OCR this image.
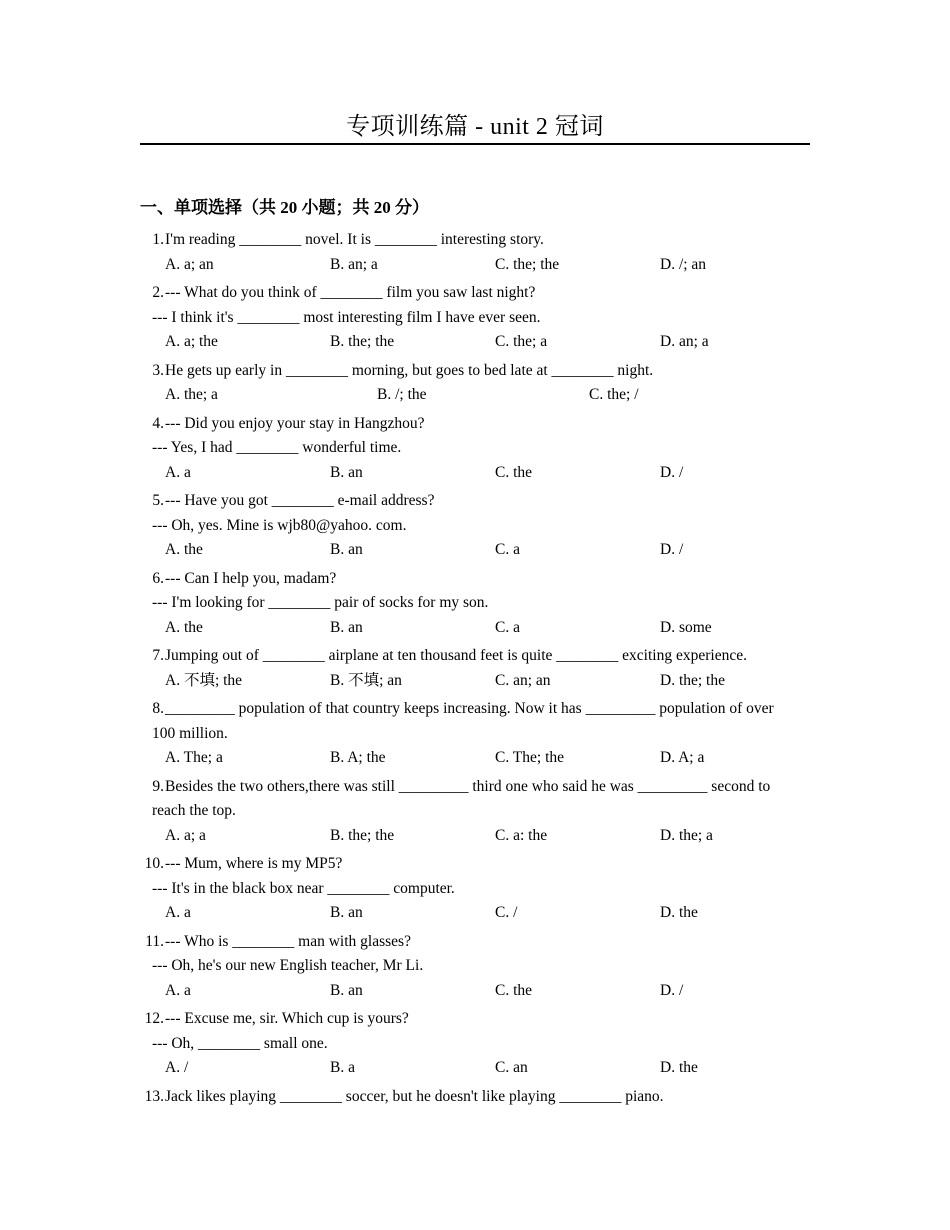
专项训练篇 - unit 2 冠词
一、单项选择（共 20 小题；共 20 分）
1. I'm reading ________ novel. It is ________ interesting story.
A. a; an	B. an; a	C. the; the	D. /; an
2. --- What do you think of ________ film you saw last night?
--- I think it's ________ most interesting film I have ever seen.
A. a; the	B. the; the	C. the; a	D. an; a
3. He gets up early in ________ morning, but goes to bed late at ________ night.
A. the; a	B. /; the	C. the; /
4. --- Did you enjoy your stay in Hangzhou?
--- Yes, I had ________ wonderful time.
A. a	B. an	C. the	D. /
5. --- Have you got ________ e-mail address?
--- Oh, yes. Mine is wjb80@yahoo. com.
A. the	B. an	C. a	D. /
6. --- Can I help you, madam?
--- I'm looking for ________ pair of socks for my son.
A. the	B. an	C. a	D. some
7. Jumping out of ________ airplane at ten thousand feet is quite ________ exciting experience.
A. 不填; the	B. 不填; an	C. an; an	D. the; the
8. _________ population of that country keeps increasing. Now it has _________ population of over
100 million.
A. The; a	B. A; the	C. The; the	D. A; a
9. Besides the two others,there was still _________ third one who said he was _________ second to
reach the top.
A. a; a	B. the; the	C. a: the	D. the; a
10. --- Mum, where is my MP5?
--- It's in the black box near ________ computer.
A. a	B. an	C. /	D. the
11. --- Who is ________ man with glasses?
--- Oh, he's our new English teacher, Mr Li.
A. a	B. an	C. the	D. /
12. --- Excuse me, sir. Which cup is yours?
--- Oh, ________ small one.
A. /	B. a	C. an	D. the
13. Jack likes playing ________ soccer, but he doesn't like playing ________ piano.
